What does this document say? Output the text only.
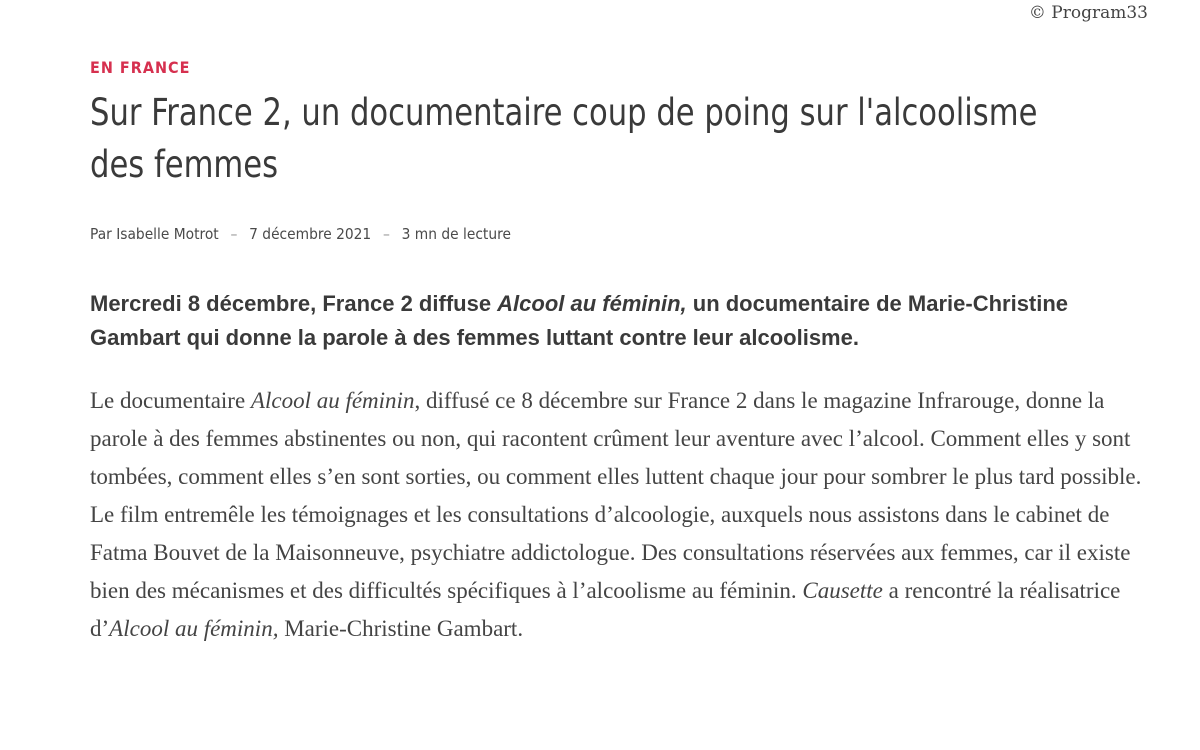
© Program33
EN FRANCE
Sur France 2, un documentaire coup de poing sur l'alcoolisme des femmes
Par Isabelle Motrot – 7 décembre 2021 – 3 mn de lecture

Mercredi 8 décembre, France 2 diffuse Alcool au féminin, un documentaire de Marie-Christine Gambart qui donne la parole à des femmes luttant contre leur alcoolisme.

Le documentaire Alcool au féminin, diffusé ce 8 décembre sur France 2 dans le magazine Infrarouge, donne la parole à des femmes abstinentes ou non, qui racontent crûment leur aventure avec l’alcool. Comment elles y sont tombées, comment elles s’en sont sorties, ou comment elles luttent chaque jour pour sombrer le plus tard possible. Le film entremêle les témoignages et les consultations d’alcoologie, auxquels nous assistons dans le cabinet de Fatma Bouvet de la Maisonneuve, psychiatre addictologue. Des consultations réservées aux femmes, car il existe bien des mécanismes et des difficultés spécifiques à l’alcoolisme au féminin. Causette a rencontré la réalisatrice d’Alcool au féminin, Marie-Christine Gambart.
